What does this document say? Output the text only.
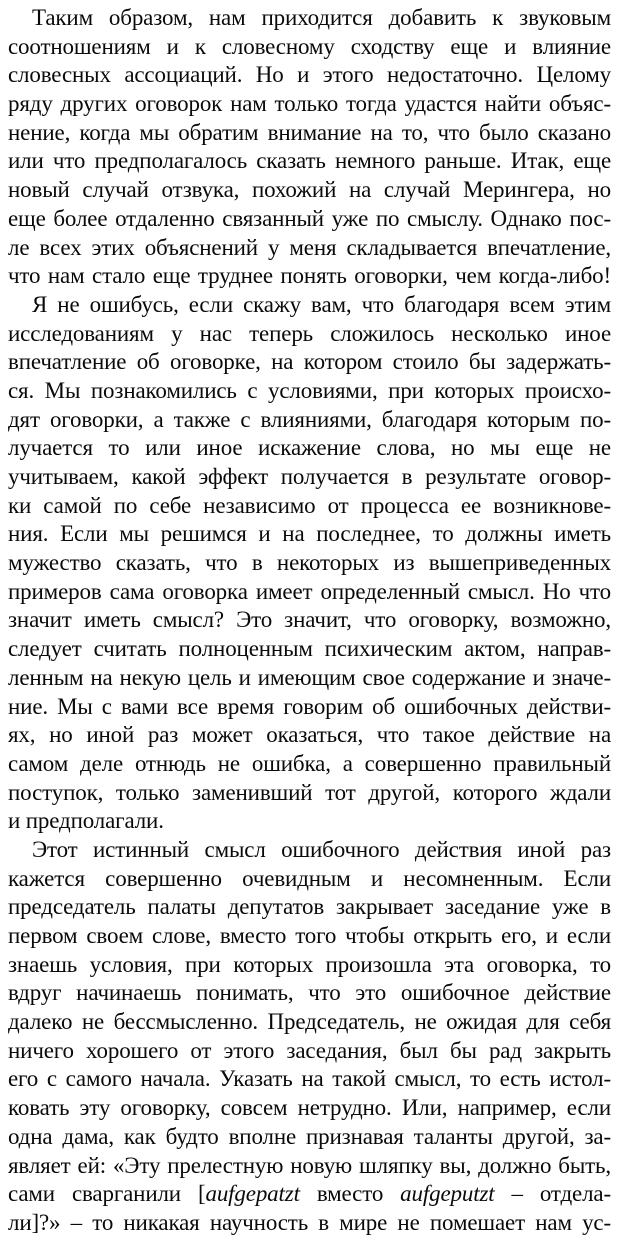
Таким образом, нам приходится добавить к звуковым
соотношениям и к словесному сходству еще и влияние
словесных ассоциаций. Но и этого недостаточно. Целому
ряду других оговорок нам только тогда удастся найти объяс-
нение, когда мы обратим внимание на то, что было сказано
или что предполагалось сказать немного раньше. Итак, еще
новый случай отзвука, похожий на случай Мерингера, но
еще более отдаленно связанный уже по смыслу. Однако пос-
ле всех этих объяснений у меня складывается впечатление,
что нам стало еще труднее понять оговорки, чем когда-либо!
Я не ошибусь, если скажу вам, что благодаря всем этим
исследованиям у нас теперь сложилось несколько иное
впечатление об оговорке, на котором стоило бы задержать-
ся. Мы познакомились с условиями, при которых происхо-
дят оговорки, а также с влияниями, благодаря которым по-
лучается то или иное искажение слова, но мы еще не
учитываем, какой эффект получается в результате оговор-
ки самой по себе независимо от процесса ее возникнове-
ния. Если мы решимся и на последнее, то должны иметь
мужество сказать, что в некоторых из вышеприведенных
примеров сама оговорка имеет определенный смысл. Но что
значит иметь смысл? Это значит, что оговорку, возможно,
следует считать полноценным психическим актом, направ-
ленным на некую цель и имеющим свое содержание и значе-
ние. Мы с вами все время говорим об ошибочных действи-
ях, но иной раз может оказаться, что такое действие на
самом деле отнюдь не ошибка, а совершенно правильный
поступок, только заменивший тот другой, которого ждали
и предполагали.
Этот истинный смысл ошибочного действия иной раз
кажется совершенно очевидным и несомненным. Если
председатель палаты депутатов закрывает заседание уже в
первом своем слове, вместо того чтобы открыть его, и если
знаешь условия, при которых произошла эта оговорка, то
вдруг начинаешь понимать, что это ошибочное действие
далеко не бессмысленно. Председатель, не ожидая для себя
ничего хорошего от этого заседания, был бы рад закрыть
его с самого начала. Указать на такой смысл, то есть истол-
ковать эту оговорку, совсем нетрудно. Или, например, если
одна дама, как будто вполне признавая таланты другой, за-
являет ей: «Эту прелестную новую шляпку вы, должно быть,
сами сварганили [aufgepatzt вместо aufgeputzt – отдела-
ли]?» – то никакая научность в мире не помешает нам ус-
